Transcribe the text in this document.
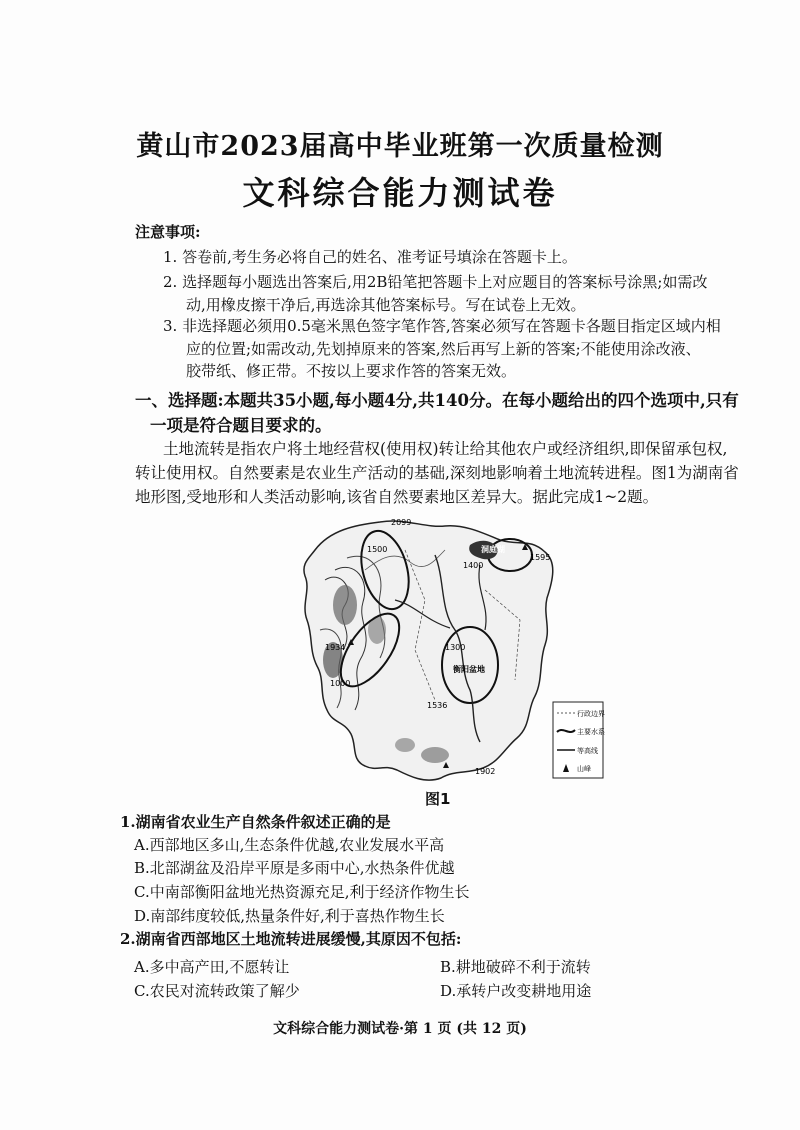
黄山市2023届高中毕业班第一次质量检测
文科综合能力测试卷
注意事项:
1. 答卷前,考生务必将自己的姓名、准考证号填涂在答题卡上。
2. 选择题每小题选出答案后,用2B铅笔把答题卡上对应题目的答案标号涂黑;如需改
动,用橡皮擦干净后,再选涂其他答案标号。写在试卷上无效。
3. 非选择题必须用0.5毫米黑色签字笔作答,答案必须写在答题卡各题目指定区域内相
应的位置;如需改动,先划掉原来的答案,然后再写上新的答案;不能使用涂改液、
胶带纸、修正带。不按以上要求作答的答案无效。
一、选择题:本题共35小题,每小题4分,共140分。在每小题给出的四个选项中,只有
一项是符合题目要求的。
土地流转是指农户将土地经营权(使用权)转让给其他农户或经济组织,即保留承包权,
转让使用权。自然要素是农业生产活动的基础,深刻地影响着土地流转进程。图1为湖南省
地形图,受地形和人类活动影响,该省自然要素地区差异大。据此完成1~2题。
2099
1595
1500
1934	1300
1000
1536
1902
1400
洞庭湖
衡阳盆地
行政边界
主要水系
等高线
山峰
图1
1.湖南省农业生产自然条件叙述正确的是
A.西部地区多山,生态条件优越,农业发展水平高
B.北部湖盆及沿岸平原是多雨中心,水热条件优越
C.中南部衡阳盆地光热资源充足,利于经济作物生长
D.南部纬度较低,热量条件好,利于喜热作物生长
2.湖南省西部地区土地流转进展缓慢,其原因不包括:
A.多中高产田,不愿转让	B.耕地破碎不利于流转
C.农民对流转政策了解少	D.承转户改变耕地用途
文科综合能力测试卷·第 1 页 (共 12 页)
